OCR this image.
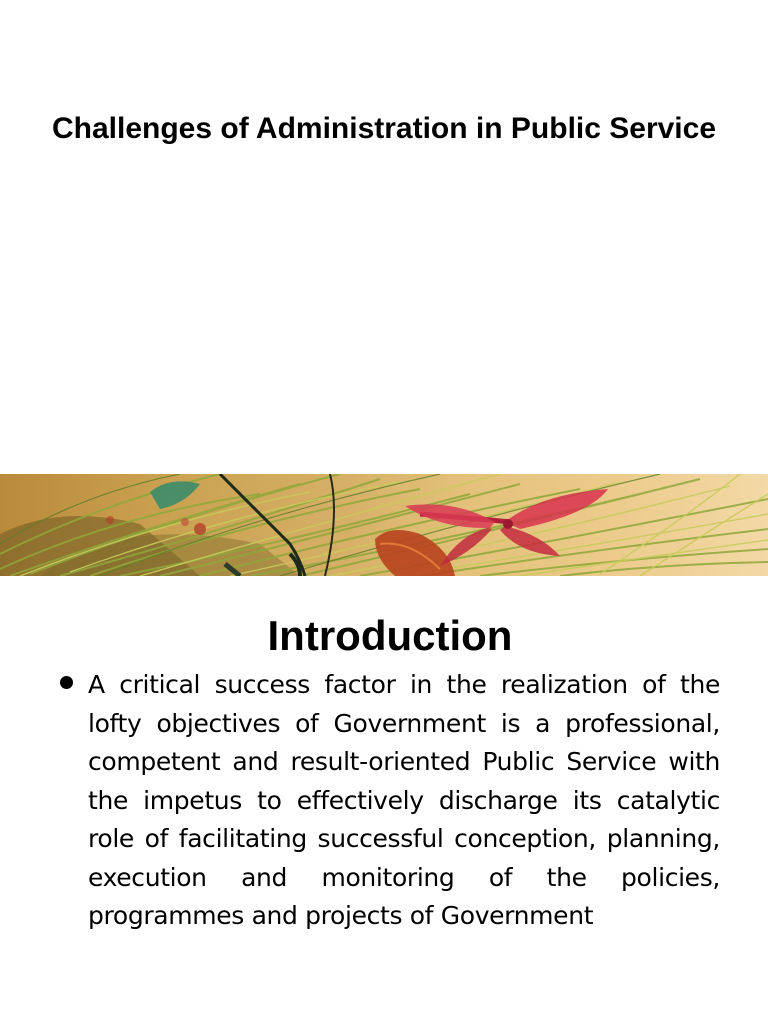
Challenges of Administration in Public Service
Introduction
A critical success factor in the realization of the lofty objectives of Government is a professional, competent and result-oriented Public Service with the impetus to effectively discharge its catalytic role of facilitating successful conception, planning, execution and monitoring of the policies, programmes and projects of Government
